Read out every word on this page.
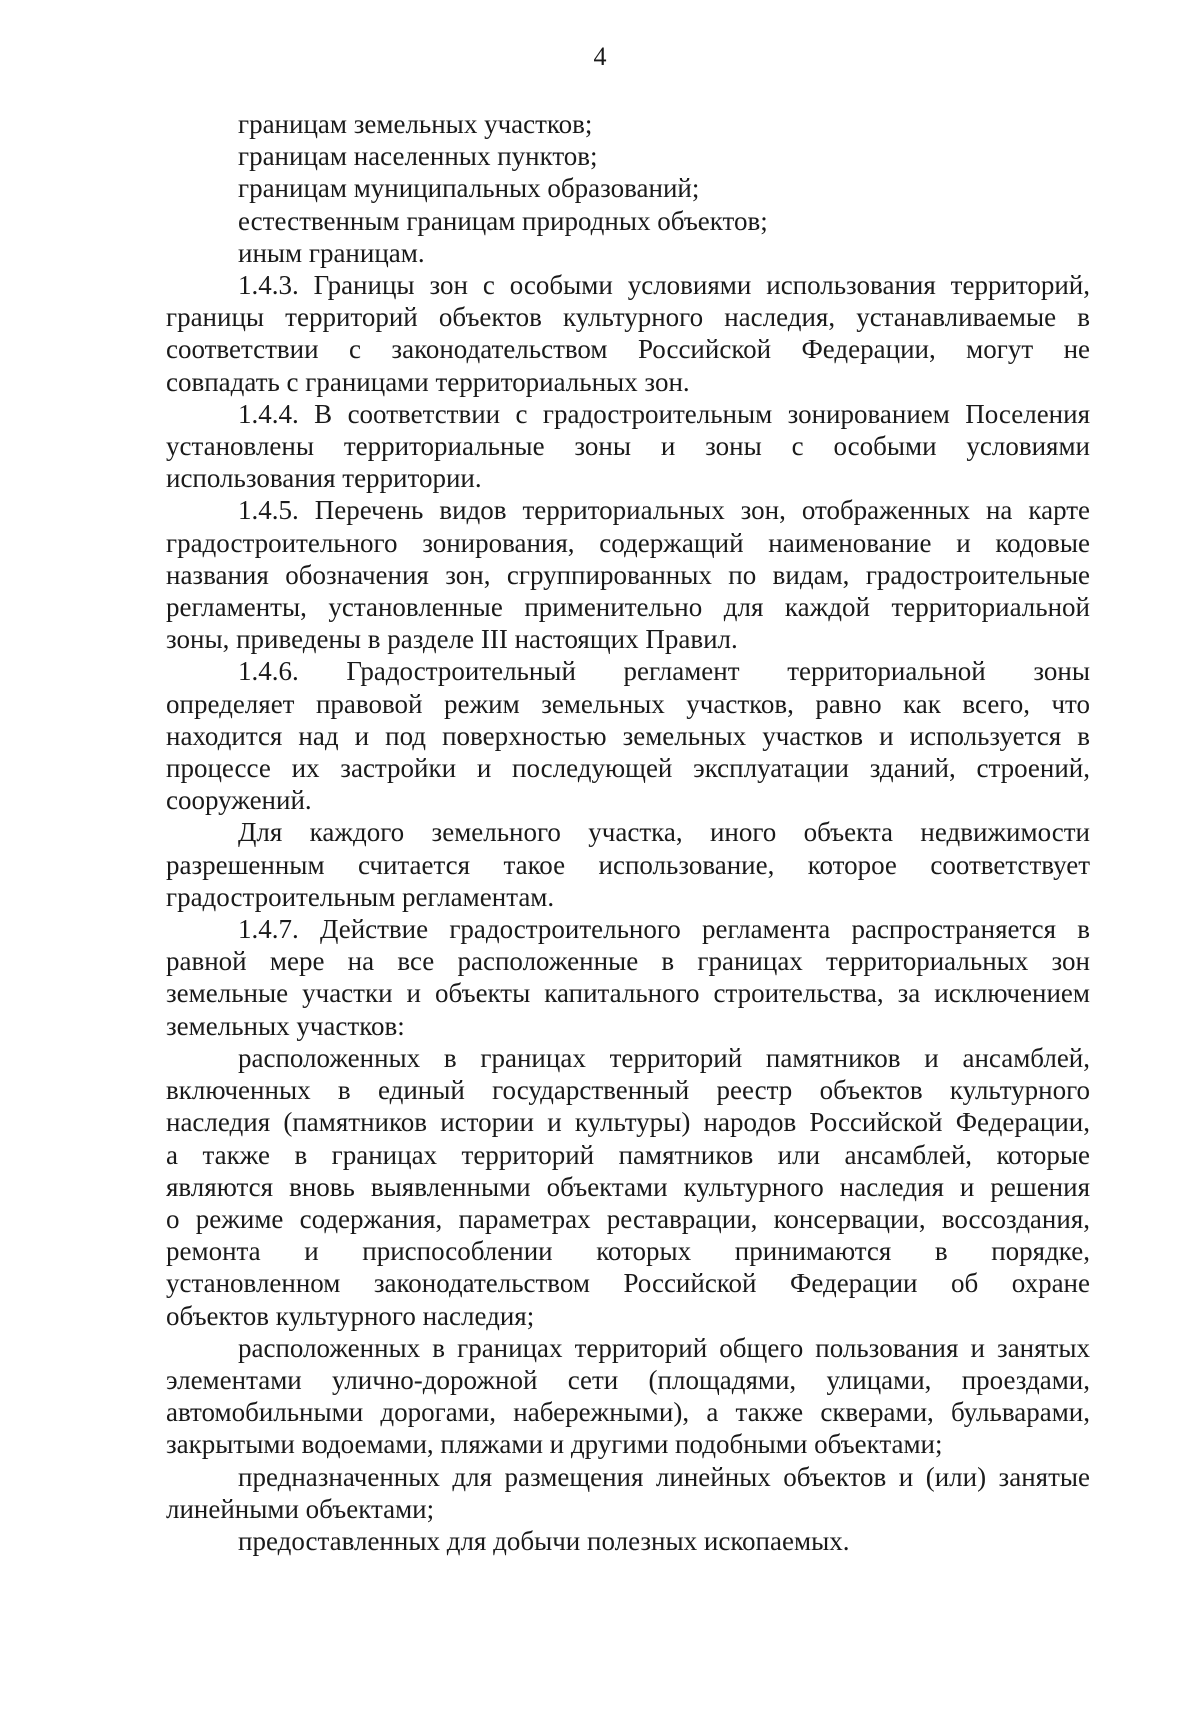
4
границам земельных участков;
границам населенных пунктов;
границам муниципальных образований;
естественным границам природных объектов;
иным границам.
1.4.3. Границы зон с особыми условиями использования территорий,
границы территорий объектов культурного наследия, устанавливаемые в
соответствии с законодательством Российской Федерации, могут не
совпадать с границами территориальных зон.
1.4.4. В соответствии с градостроительным зонированием Поселения
установлены территориальные зоны и зоны с особыми условиями
использования территории.
1.4.5. Перечень видов территориальных зон, отображенных на карте
градостроительного зонирования, содержащий наименование и кодовые
названия обозначения зон, сгруппированных по видам, градостроительные
регламенты, установленные применительно для каждой территориальной
зоны, приведены в разделе III настоящих Правил.
1.4.6. Градостроительный регламент территориальной зоны
определяет правовой режим земельных участков, равно как всего, что
находится над и под поверхностью земельных участков и используется в
процессе их застройки и последующей эксплуатации зданий, строений,
сооружений.
Для каждого земельного участка, иного объекта недвижимости
разрешенным считается такое использование, которое соответствует
градостроительным регламентам.
1.4.7. Действие градостроительного регламента распространяется в
равной мере на все расположенные в границах территориальных зон
земельные участки и объекты капитального строительства, за исключением
земельных участков:
расположенных в границах территорий памятников и ансамблей,
включенных в единый государственный реестр объектов культурного
наследия (памятников истории и культуры) народов Российской Федерации,
а также в границах территорий памятников или ансамблей, которые
являются вновь выявленными объектами культурного наследия и решения
о режиме содержания, параметрах реставрации, консервации, воссоздания,
ремонта и приспособлении которых принимаются в порядке,
установленном законодательством Российской Федерации об охране
объектов культурного наследия;
расположенных в границах территорий общего пользования и занятых
элементами улично-дорожной сети (площадями, улицами, проездами,
автомобильными дорогами, набережными), а также скверами, бульварами,
закрытыми водоемами, пляжами и другими подобными объектами;
предназначенных для размещения линейных объектов и (или) занятые
линейными объектами;
предоставленных для добычи полезных ископаемых.
